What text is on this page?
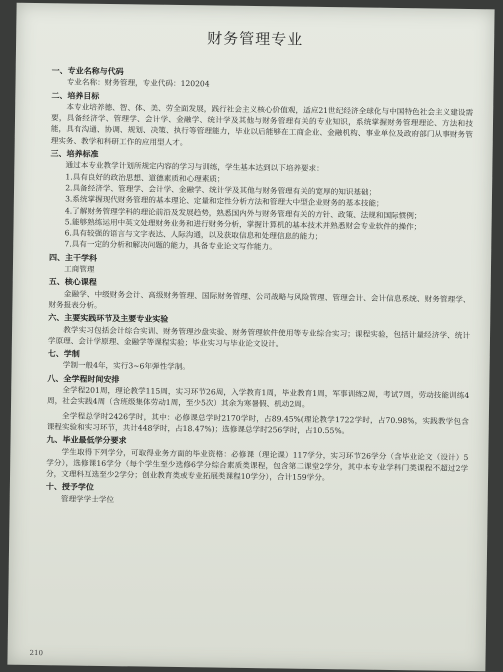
财务管理专业
一、专业名称与代码
专业名称：财务管理，专业代码：120204
二、培养目标
本专业培养德、智、体、美、劳全面发展，践行社会主义核心价值观，适应21世纪经济全球化与中国特色社会主义建设需要，具备经济学、管理学、会计学、金融学、统计学及其他与财务管理有关的专业知识，系统掌握财务管理理论、方法和技能，具有沟通、协调、规划、决策、执行等管理能力，毕业以后能够在工商企业、金融机构、事业单位及政府部门从事财务管理实务、教学和科研工作的应用型人才。
三、培养标准
通过本专业教学计划所规定内容的学习与训练，学生基本达到以下培养要求：
1.具有良好的政治思想、道德素质和心理素质；
2.具备经济学、管理学、会计学、金融学、统计学及其他与财务管理有关的宽厚的知识基础；
3.系统掌握现代财务管理的基本理论、定量和定性分析方法和管理大中型企业财务的基本技能；
4.了解财务管理学科的理论前沿及发展趋势，熟悉国内外与财务管理有关的方针、政策、法规和国际惯例；
5.能够熟练运用中英文处理财务业务和进行财务分析，掌握计算机的基本技术并熟悉财会专业软件的操作；
6.具有较强的语言与文字表达、人际沟通，以及获取信息和处理信息的能力；
7.具有一定的分析和解决问题的能力，具备专业论文写作能力。
四、主干学科
工商管理
五、核心课程
金融学、中级财务会计、高级财务管理、国际财务管理、公司战略与风险管理、管理会计、会计信息系统、财务管理学、财务报表分析。
六、主要实践环节及主要专业实验
教学实习包括会计综合实训、财务管理沙盘实验、财务管理软件使用等专业综合实习；课程实验，包括计量经济学、统计学原理、会计学原理、金融学等课程实验；毕业实习与毕业论文设计。
七、学制
学制一般4年，实行3~6年弹性学制。
八、全学程时间安排
全学程201周，理论教学115周，实习环节26周，入学教育1周，毕业教育1周，军事训练2周，考试7周，劳动技能训练4周，社会实践4周（含班级集体劳动1周，至少5次）其余为寒暑假、机动2周。
全学程总学时2426学时，其中：必修课总学时2170学时，占89.45%(理论教学1722学时，占70.98%，实践教学包含课程实验和实习环节，共计448学时，占18.47%)；选修课总学时256学时，占10.55%。
九、毕业最低学分要求
学生取得下列学分，可取得业务方面的毕业资格：必修课（理论课）117学分，实习环节26学分（含毕业论文（设计）5学分），选修课16学分（每个学生至少选修6学分综合素质类课程，包含第二课堂2学分，其中本专业学科门类课程不超过2学分，文理科互选至少2学分；创业教育类或专业拓展类课程10学分），合计159学分。
十、授予学位
管理学学士学位
210
